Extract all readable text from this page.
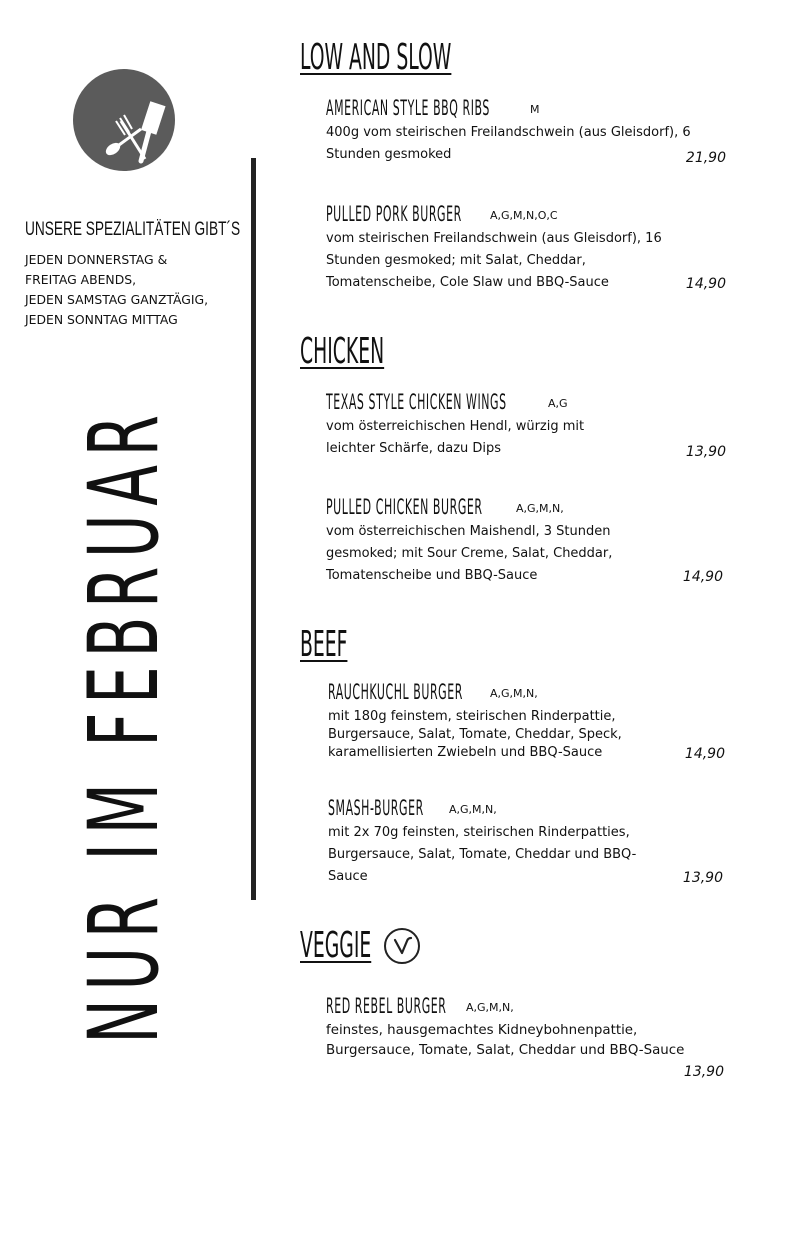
UNSERE SPEZIALITÄTEN GIBT´S
JEDEN DONNERSTAG &
FREITAG ABENDS,
JEDEN SAMSTAG GANZTÄGIG,
JEDEN SONNTAG MITTAG
NUR IM FEBRUAR
LOW AND SLOW
AMERICAN STYLE BBQ RIBS	M
400g vom steirischen Freilandschwein (aus Gleisdorf), 6 Stunden gesmoked	21,90
PULLED PORK BURGER	A,G,M,N,O,C
vom steirischen Freilandschwein (aus Gleisdorf), 16 Stunden gesmoked; mit Salat, Cheddar, Tomatenscheibe, Cole Slaw und BBQ-Sauce	14,90
CHICKEN
TEXAS STYLE CHICKEN WINGS	A,G
vom österreichischen Hendl, würzig mit leichter Schärfe, dazu Dips	13,90
PULLED CHICKEN BURGER	A,G,M,N,
vom österreichischen Maishendl, 3 Stunden gesmoked; mit Sour Creme, Salat, Cheddar, Tomatenscheibe und BBQ-Sauce	14,90
BEEF
RAUCHKUCHL BURGER A,G,M,N,
mit 180g feinstem, steirischen Rinderpattie, Burgersauce, Salat, Tomate, Cheddar, Speck, karamellisierten Zwiebeln und BBQ-Sauce	14,90
SMASH-BURGER A,G,M,N,
mit 2x 70g feinsten, steirischen Rinderpatties, Burgersauce, Salat, Tomate, Cheddar und BBQ-Sauce	13,90
VEGGIE
RED REBEL BURGER A,G,M,N,
feinstes, hausgemachtes Kidneybohnenpattie, Burgersauce, Tomate, Salat, Cheddar und BBQ-Sauce
13,90
